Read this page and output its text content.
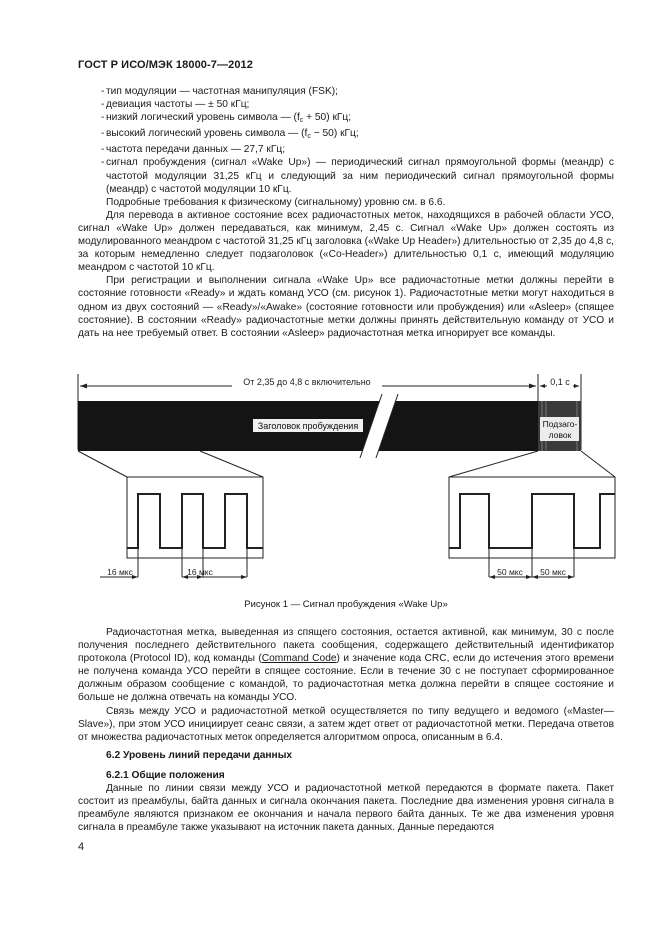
ГОСТ Р ИСО/МЭК 18000-7—2012
- тип модуляции — частотная манипуляция (FSK);
- девиация частоты — ± 50 кГц;
- низкий логический уровень символа — $(f_c + 50)$ кГц;
- высокий логический уровень символа — $(f_c - 50)$ кГц;
- частота передачи данных — 27,7 кГц;
- сигнал пробуждения (сигнал «Wake Up») — периодический сигнал прямоугольной формы (меандр) с частотой модуляции 31,25 кГц и следующий за ним периодический сигнал прямоугольной формы (меандр) с частотой модуляции 10 кГц.

Подробные требования к физическому (сигнальному) уровню см. в 6.6.

Для перевода в активное состояние всех радиочастотных меток, находящихся в рабочей области УСО, сигнал «Wake Up» должен передаваться, как минимум, 2,45 с. Сигнал «Wake Up» должен состоять из модулированного меандром с частотой 31,25 кГц заголовка («Wake Up Header») длительностью от 2,35 до 4,8 с, за которым немедленно следует подзаголовок («Co-Header») длительностью 0,1 с, имеющий модуляцию меандром с частотой 10 кГц.

При регистрации и выполнении сигнала «Wake Up» все радиочастотные метки должны перейти в состояние готовности «Ready» и ждать команд УСО (см. рисунок 1). Радиочастотные метки могут находиться в одном из двух состояний — «Ready»/«Awake» (состояние готовности или пробуждения) или «Asleep» (спящее состояние). В состоянии «Ready» радиочастотные метки должны принять действительную команду от УСО и дать на нее требуемый ответ. В состоянии «Asleep» радиочастотная метка игнорирует все команды.

От 2,35 до 4,8 с включительно	0,1 с
Заголовок пробуждения	Подзаго-
ловок
16 мкс	16 мкс	50 мкс 50 мкс
Рисунок 1 — Сигнал пробуждения «Wake Up»

Радиочастотная метка, выведенная из спящего состояния, остается активной, как минимум, 30 с после получения последнего действительного пакета сообщения, содержащего действительный идентификатор протокола (Protocol ID), код команды (Command Code) и значение кода CRC, если до истечения этого времени не получена команда УСО перейти в спящее состояние. Если в течение 30 с не поступает сформированное должным образом сообщение с командой, то радиочастотная метка должна перейти в спящее состояние и больше не должна отвечать на команды УСО.

Связь между УСО и радиочастотной меткой осуществляется по типу ведущего и ведомого («Master—Slave»), при этом УСО инициирует сеанс связи, а затем ждет ответ от радиочастотной метки. Передача ответов от множества радиочастотных меток определяется алгоритмом опроса, описанным в 6.4.

6.2 Уровень линий передачи данных

6.2.1 Общие положения

Данные по линии связи между УСО и радиочастотной меткой передаются в формате пакета. Пакет состоит из преамбулы, байта данных и сигнала окончания пакета. Последние два изменения уровня сигнала в преамбуле являются признаком ее окончания и начала первого байта данных. Те же два изменения уровня сигнала в преамбуле также указывают на источник пакета данных. Данные передаются

4
